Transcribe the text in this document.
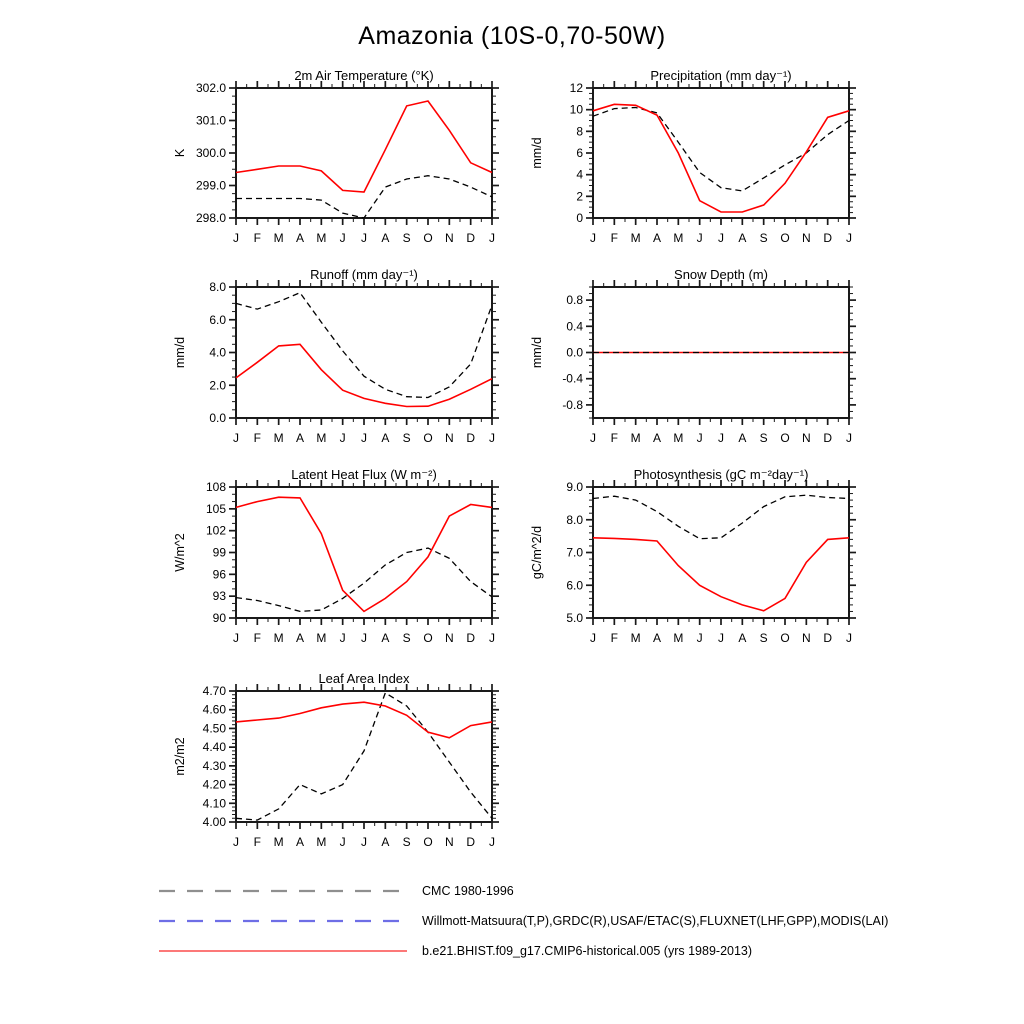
Amazonia (10S-0,70-50W)
J F M A M J J A S O N D J
298.0
299.0
300.0
301.0
302.0
2m Air Temperature (°K)
K
J F M A M J J A S O N D J
0
2
4
6
8
10
12
Precipitation (mm day⁻¹)
mm/d
J F M A M J J A S O N D J
0.0
2.0
4.0
6.0
8.0
Runoff (mm day⁻¹)
mm/d
J F M A M J J A S O N D J
-0.8
-0.4
0.0
0.4
0.8
Snow Depth (m)
mm/d
J F M A M J J A S O N D J
90
93
96
99
102
105
108
Latent Heat Flux (W m⁻²)
W/m^2
J F M A M J J A S O N D J
5.0
6.0
7.0
8.0
9.0
Photosynthesis (gC m⁻²day⁻¹)
gC/m^2/d
J F M A M J J A S O N D J
4.00
4.10
4.20
4.30
4.40
4.50
4.60
4.70
Leaf Area Index
m2/m2
CMC 1980-1996
Willmott-Matsuura(T,P),GRDC(R),USAF/ETAC(S),FLUXNET(LHF,GPP),MODIS(LAI)
b.e21.BHIST.f09_g17.CMIP6-historical.005 (yrs 1989-2013)
